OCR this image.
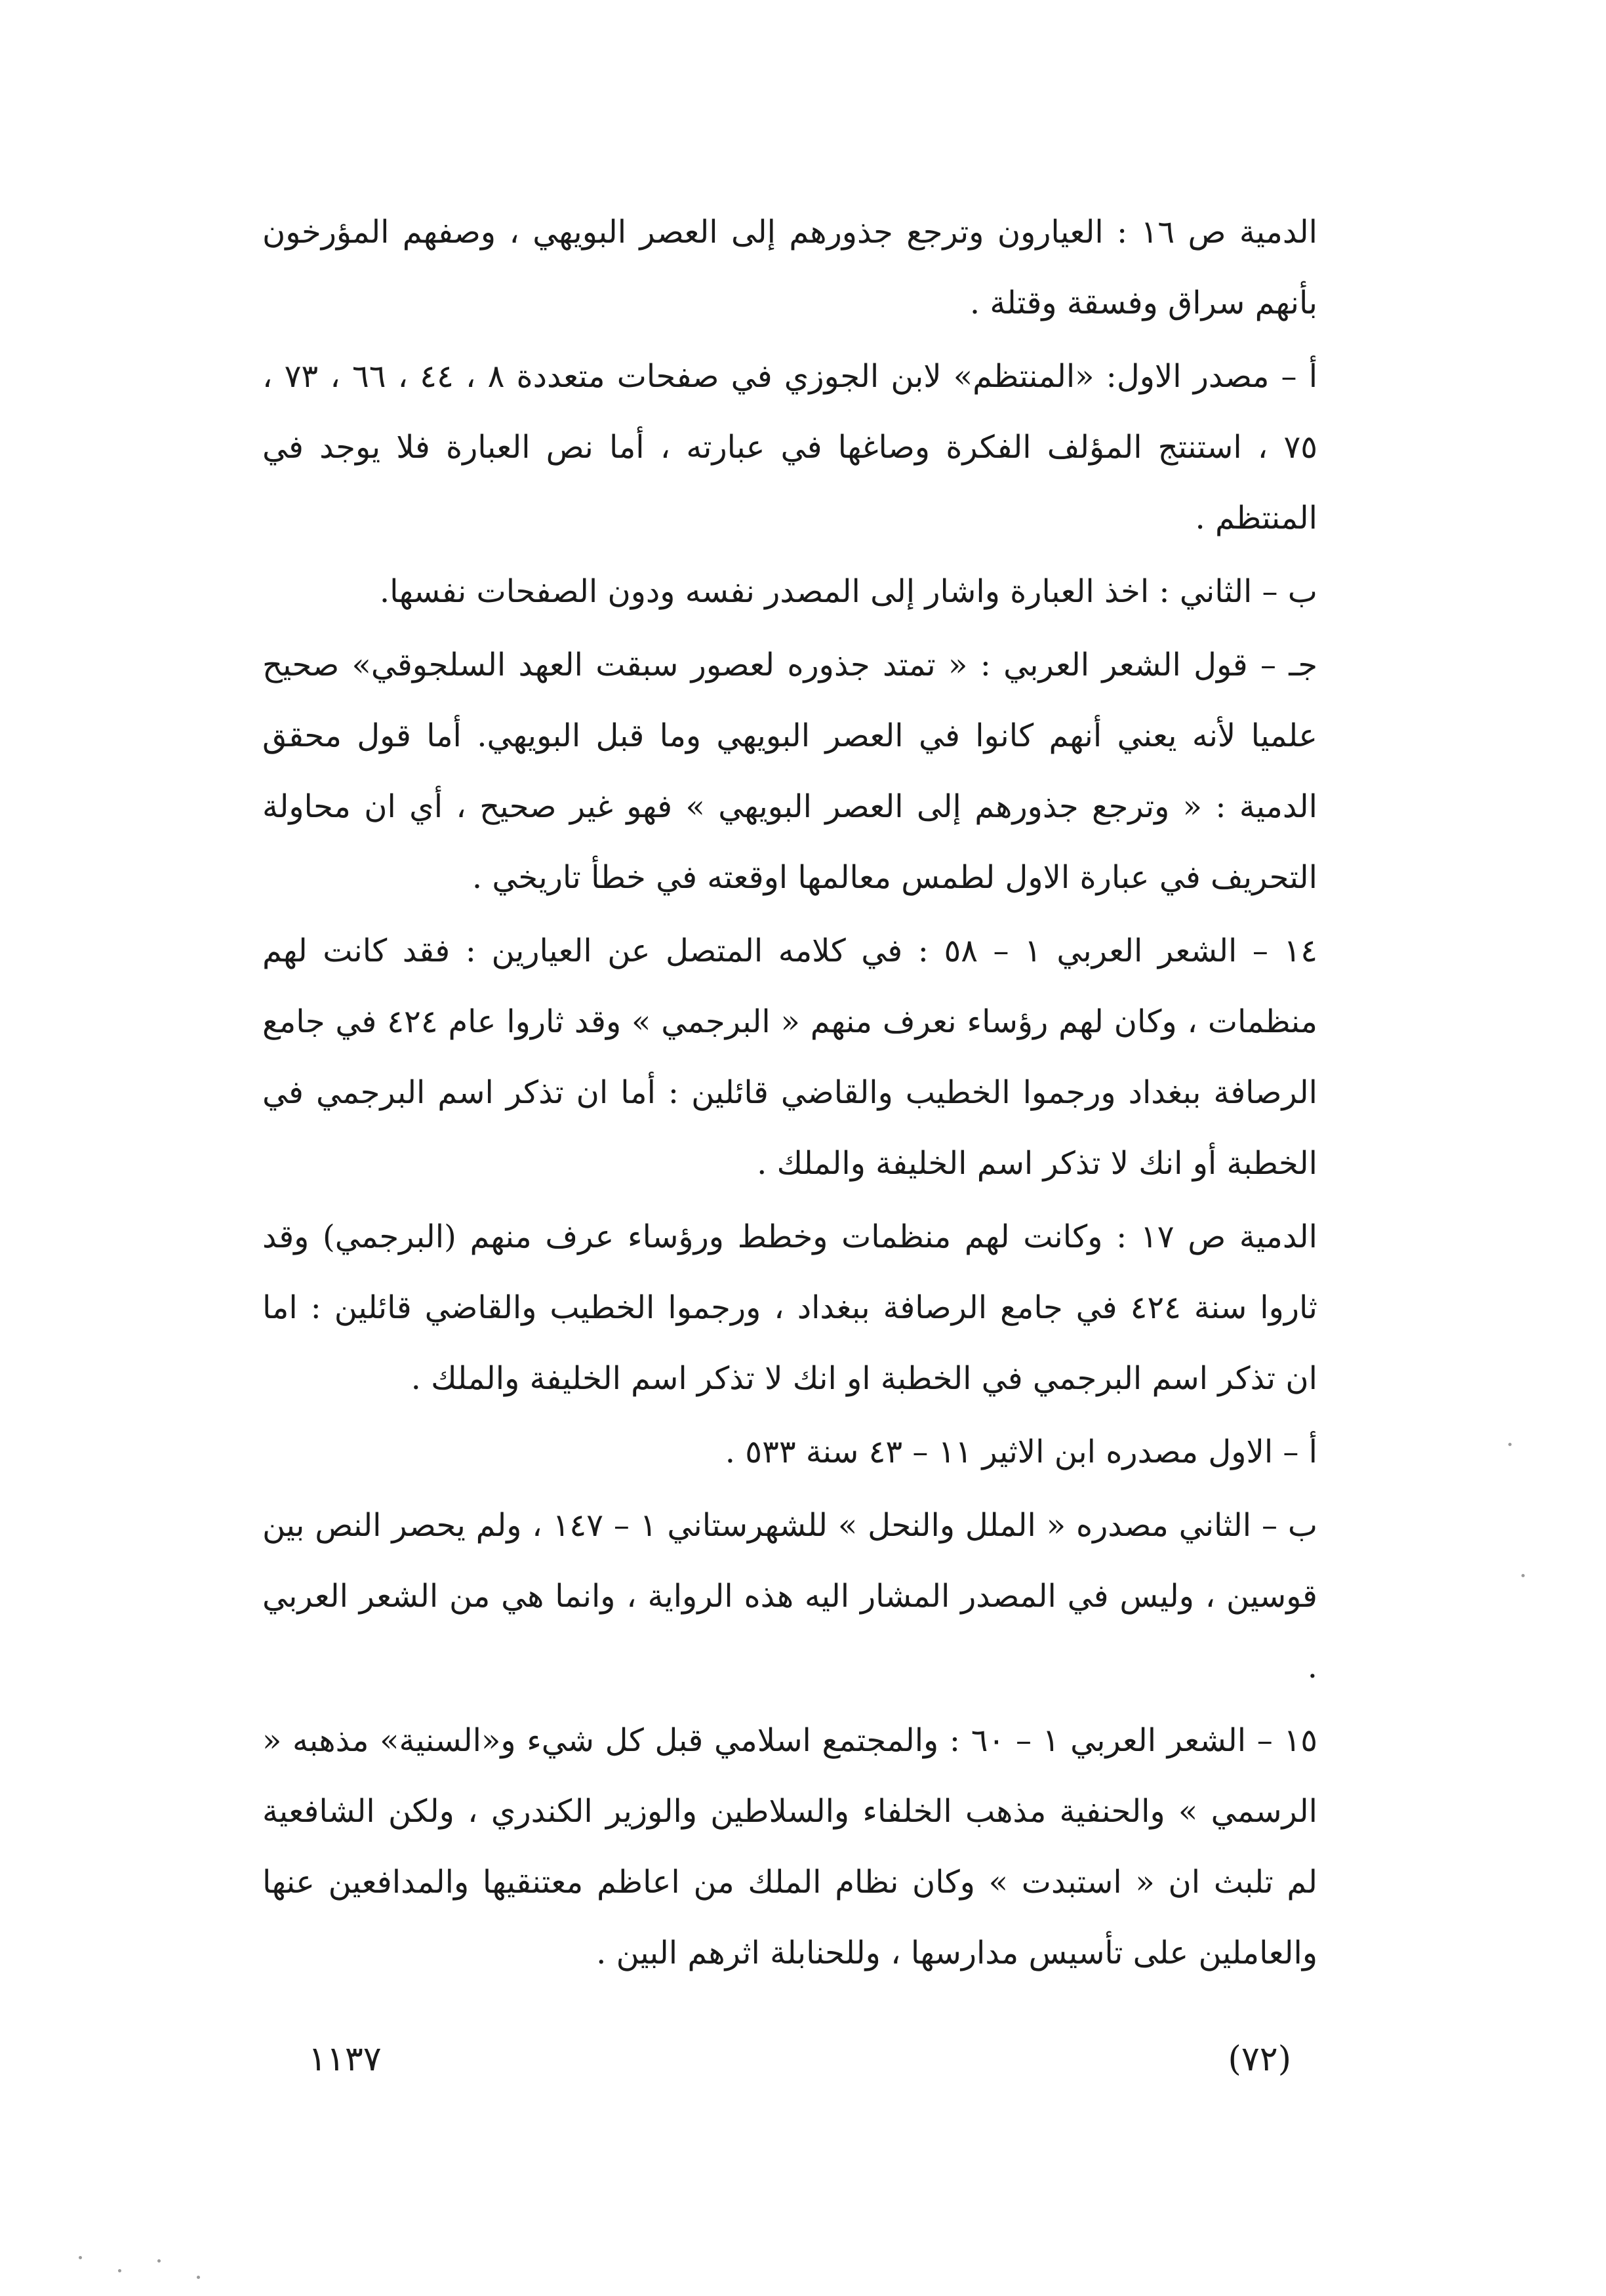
الدمية ص ١٦ : العيارون وترجع جذورهم إلى العصر البويهي ، وصفهم المؤرخون بأنهم سراق وفسقة وقتلة .

أ – مصدر الاول: «المنتظم» لابن الجوزي في صفحات متعددة ٨ ، ٤٤ ، ٦٦ ، ٧٣ ، ٧٥ ، استنتج المؤلف الفكرة وصاغها في عبارته ، أما نص العبارة فلا يوجد في المنتظم .

ب – الثاني : اخذ العبارة واشار إلى المصدر نفسه ودون الصفحات نفسها.

جـ – قول الشعر العربي : « تمتد جذوره لعصور سبقت العهد السلجوقي» صحيح علميا لأنه يعني أنهم كانوا في العصر البويهي وما قبل البويهي. أما قول محقق الدمية : « وترجع جذورهم إلى العصر البويهي » فهو غير صحيح ، أي ان محاولة التحريف في عبارة الاول لطمس معالمها اوقعته في خطأ تاريخي .

١٤ – الشعر العربي ١ – ٥٨ : في كلامه المتصل عن العيارين : فقد كانت لهم منظمات ، وكان لهم رؤساء نعرف منهم « البرجمي » وقد ثاروا عام ٤٢٤ في جامع الرصافة ببغداد ورجموا الخطيب والقاضي قائلين : أما ان تذكر اسم البرجمي في الخطبة أو انك لا تذكر اسم الخليفة والملك .

الدمية ص ١٧ : وكانت لهم منظمات وخطط ورؤساء عرف منهم (البرجمي) وقد ثاروا سنة ٤٢٤ في جامع الرصافة ببغداد ، ورجموا الخطيب والقاضي قائلين : اما ان تذكر اسم البرجمي في الخطبة او انك لا تذكر اسم الخليفة والملك .

أ – الاول مصدره ابن الاثير ١١ – ٤٣ سنة ٥٣٣ .

ب – الثاني مصدره « الملل والنحل » للشهرستاني ١ – ١٤٧ ، ولم يحصر النص بين قوسين ، وليس في المصدر المشار اليه هذه الرواية ، وانما هي من الشعر العربي .

١٥ – الشعر العربي ١ – ٦٠ : والمجتمع اسلامي قبل كل شيء و«السنية» مذهبه « الرسمي » والحنفية مذهب الخلفاء والسلاطين والوزير الكندري ، ولكن الشافعية لم تلبث ان « استبدت » وكان نظام الملك من اعاظم معتنقيها والمدافعين عنها والعاملين على تأسيس مدارسها ، وللحنابلة اثرهم البين .

(٧٢)
١١٣٧
